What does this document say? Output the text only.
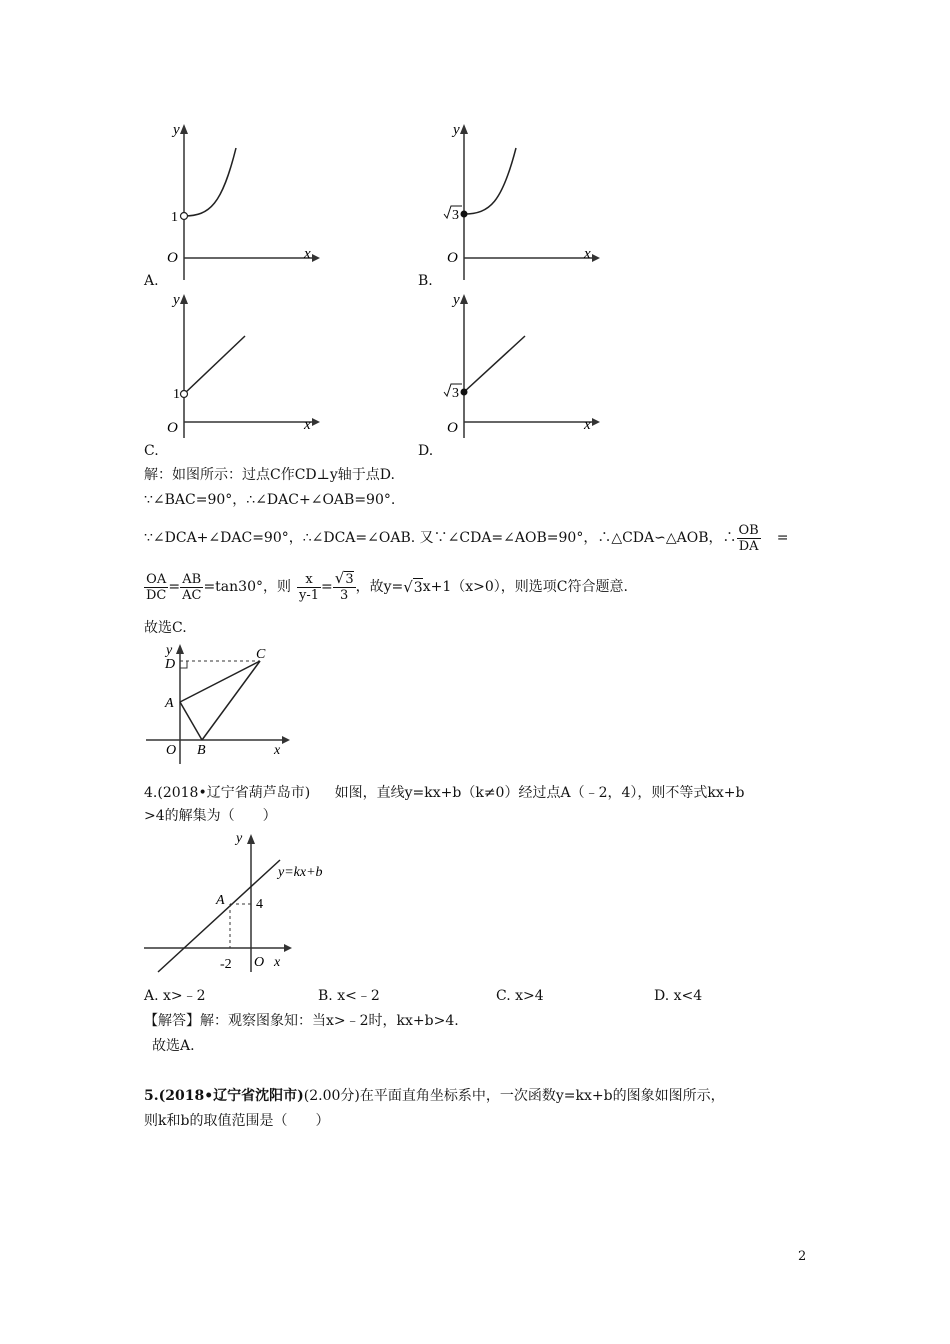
y
x
O
1
A.
y
x
O
3
B.
y
x
O
1
C.
y
x
O
3
D.
解：如图所示：过点C作CD⊥y轴于点D.
∵∠BAC=90°，∴∠DAC+∠OAB=90°.
∵∠DCA+∠DAC=90°，∴∠DCA=∠OAB. 又∵∠CDA=∠AOB=90°，∴△CDA∽△AOB，∴ $\frac{OB}{DA}$ =
$\frac{OA}{DC} = \frac{AB}{AC} =\tan 30^\circ$，则 $\frac{x}{y-1} = \frac{√3}{3}$ ，故y= √ 3 x+1（x>0），则选项C符合题意.
故选C.
y
D
C
A
O B	x
4.(2018•辽宁省葫芦岛市) 如图，直线y=kx+b（k≠0）经过点A（﹣2，4），则不等式kx+b
>4的解集为（　　）
y
y=kx+b
A 4
-2 O x
A. x>﹣2	B. x<﹣2	C. x>4	D. x<4
【解答】解：观察图象知：当x>﹣2时，kx+b>4.
故选A.
5.(2018•辽宁省沈阳市)(2.00分)在平面直角坐标系中，一次函数y=kx+b的图象如图所示，
则k和b的取值范围是（　　）
2
